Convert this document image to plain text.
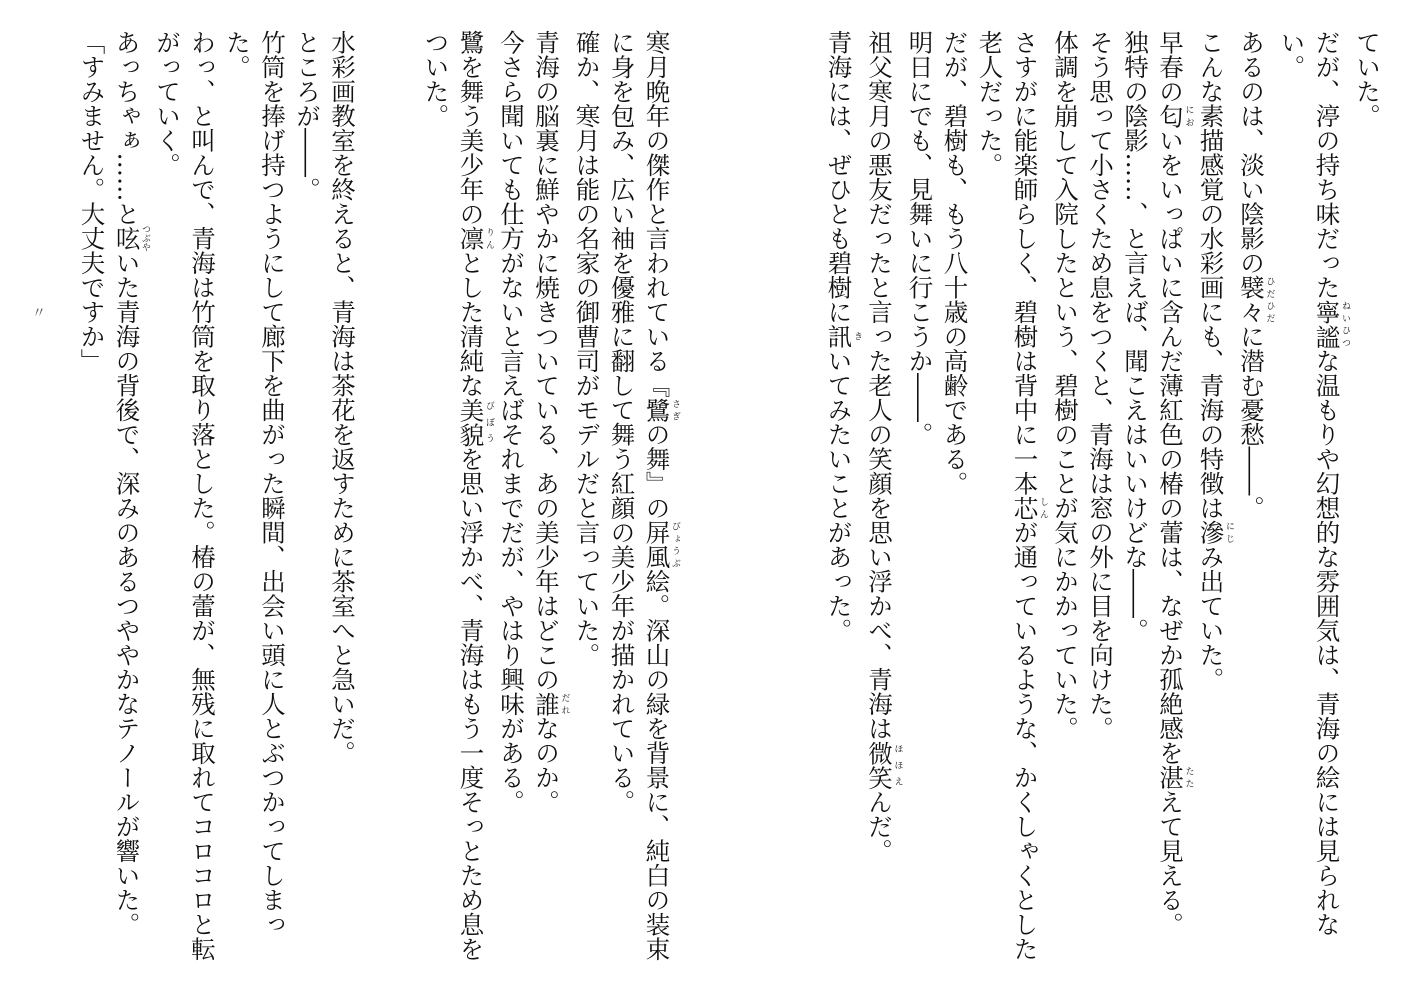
ていた。

だが、渟の持ち味だった寧謐ねいひつな温もりや幻想的な雰囲気は、青海の絵には見られない。

あるのは、淡い陰影の襞々ひだひだに潜む憂愁――。

こんな素描感覚の水彩画にも、青海の特徴は滲にじみ出ていた。

早春の匂においをいっぱいに含んだ薄紅色の椿の蕾は、なぜか孤絶感を湛たたえて見える。

独特の陰影……、と言えば、聞こえはいいけどな――。

そう思って小さくため息をつくと、青海は窓の外に目を向けた。

体調を崩して入院したという、碧樹のことが気にかかっていた。

さすがに能楽師らしく、碧樹は背中に一本芯しんが通っているような、かくしゃくとした老人だった。

だが、碧樹も、もう八十歳の高齢である。

明日にでも、見舞いに行こうか――。

祖父寒月の悪友だったと言った老人の笑顔を思い浮かべ、青海は微笑ほほえんだ。

青海には、ぜひとも碧樹に訊きいてみたいことがあった。

寒月晩年の傑作と言われている『鷺さぎの舞』の屏風びょうぶ絵。深山の緑を背景に、純白の装束に身を包み、広い袖を優雅に翻して舞う紅顔の美少年が描かれている。

確か、寒月は能の名家の御曹司がモデルだと言っていた。

青海の脳裏に鮮やかに焼きついている、あの美少年はどこの誰だれなのか。

今さら聞いても仕方がないと言えばそれまでだが、やはり興味がある。

鷺を舞う美少年の凛りんとした清純な美貌びぼうを思い浮かべ、青海はもう一度そっとため息をついた。

水彩画教室を終えると、青海は茶花を返すために茶室へと急いだ。

ところが――。

竹筒を捧げ持つようにして廊下を曲がった瞬間、出会い頭に人とぶつかってしまった。

わっ、と叫んで、青海は竹筒を取り落とした。椿の蕾が、無残に取れてコロコロと転がっていく。

あっちゃぁ……と呟つぶやいた青海の背後で、深みのあるつややかなテノールが響いた。

「すみません。大丈夫ですか」

〃
